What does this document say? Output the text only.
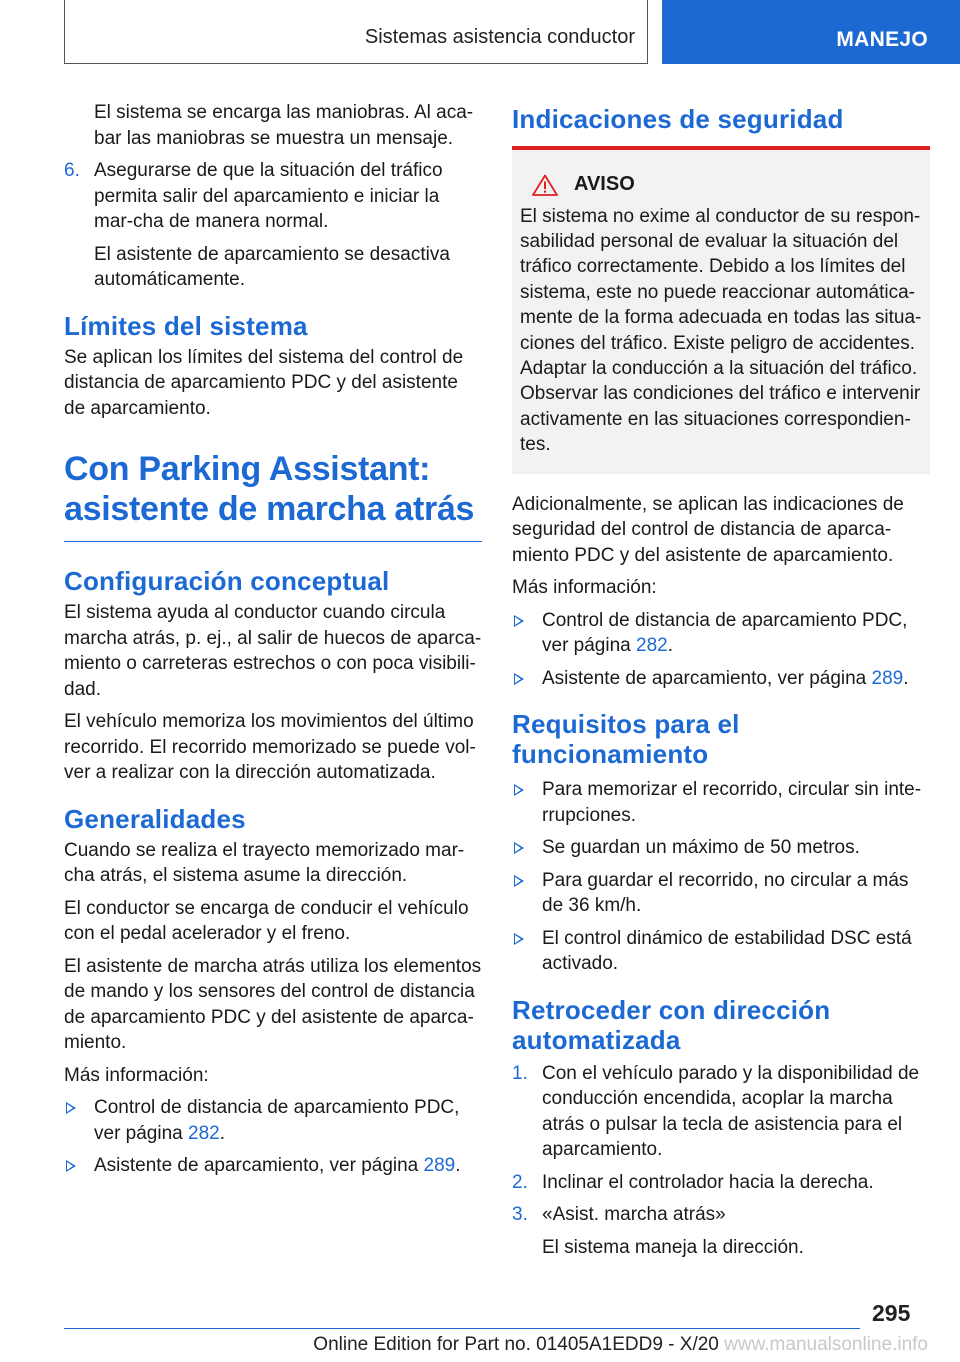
Sistemas asistencia conductor	MANEJO

El sistema se encarga las maniobras. Al aca-bar las maniobras se muestra un mensaje.

6. Asegurarse de que la situación del tráfico permita salir del aparcamiento e iniciar la mar-cha de manera normal.

El asistente de aparcamiento se desactiva automáticamente.

Límites del sistema

Se aplican los límites del sistema del control de distancia de aparcamiento PDC y del asistente de aparcamiento.

Con Parking Assistant: asistente de marcha atrás
Configuración conceptual

El sistema ayuda al conductor cuando circula marcha atrás, p. ej., al salir de huecos de aparca-miento o carreteras estrechos o con poca visibili-dad.

El vehículo memoriza los movimientos del último recorrido. El recorrido memorizado se puede vol-ver a realizar con la dirección automatizada.

Generalidades

Cuando se realiza el trayecto memorizado mar-cha atrás, el sistema asume la dirección.

El conductor se encarga de conducir el vehículo con el pedal acelerador y el freno.

El asistente de marcha atrás utiliza los elementos de mando y los sensores del control de distancia de aparcamiento PDC y del asistente de aparca-miento.

Más información:

Control de distancia de aparcamiento PDC, ver página 282.
Asistente de aparcamiento, ver página 289.
Indicaciones de seguridad
AVISO
El sistema no exime al conductor de su respon-sabilidad personal de evaluar la situación del tráfico correctamente. Debido a los límites del sistema, este no puede reaccionar automática-mente de la forma adecuada en todas las situa-ciones del tráfico. Existe peligro de accidentes. Adaptar la conducción a la situación del tráfico. Observar las condiciones del tráfico e intervenir activamente en las situaciones correspondien-tes.

Adicionalmente, se aplican las indicaciones de seguridad del control de distancia de aparca-miento PDC y del asistente de aparcamiento.

Más información:

Control de distancia de aparcamiento PDC, ver página 282.
Asistente de aparcamiento, ver página 289.
Requisitos para el funcionamiento
Para memorizar el recorrido, circular sin inte-rrupciones.
Se guardan un máximo de 50 metros.
Para guardar el recorrido, no circular a más de 36 km/h.
El control dinámico de estabilidad DSC está activado.
Retroceder con dirección automatizada
1. Con el vehículo parado y la disponibilidad de conducción encendida, acoplar la marcha atrás o pulsar la tecla de asistencia para el aparcamiento.
2. Inclinar el controlador hacia la derecha.
3. «Asist. marcha atrás»

El sistema maneja la dirección.

295
Online Edition for Part no. 01405A1EDD9 - X/20 www.manualsonline.info
